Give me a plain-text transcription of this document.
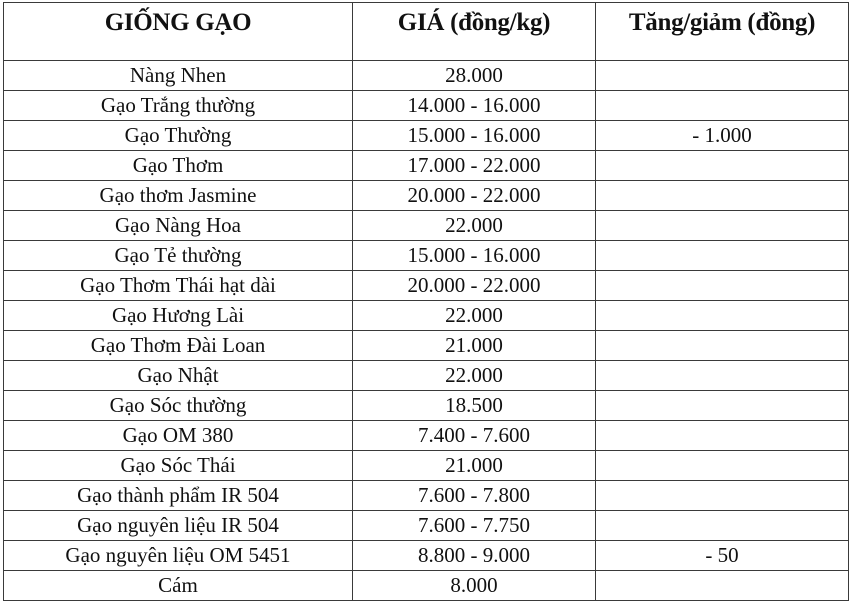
GIỐNG GẠO	GIÁ (đồng/kg)	Tăng/giảm (đồng)
Nàng Nhen	28.000	
Gạo Trắng thường	14.000 - 16.000	
Gạo Thường	15.000 - 16.000	- 1.000
Gạo Thơm	17.000 - 22.000	
Gạo thơm Jasmine	20.000 - 22.000	
Gạo Nàng Hoa	22.000	
Gạo Tẻ thường	15.000 - 16.000	
Gạo Thơm Thái hạt dài	20.000 - 22.000	
Gạo Hương Lài	22.000	
Gạo Thơm Đài Loan	21.000	
Gạo Nhật	22.000	
Gạo Sóc thường	18.500	
Gạo OM 380	7.400 - 7.600	
Gạo Sóc Thái	21.000	
Gạo thành phẩm IR 504	7.600 - 7.800	
Gạo nguyên liệu IR 504	7.600 - 7.750	
Gạo nguyên liệu OM 5451	8.800 - 9.000	- 50
Cám	8.000	
